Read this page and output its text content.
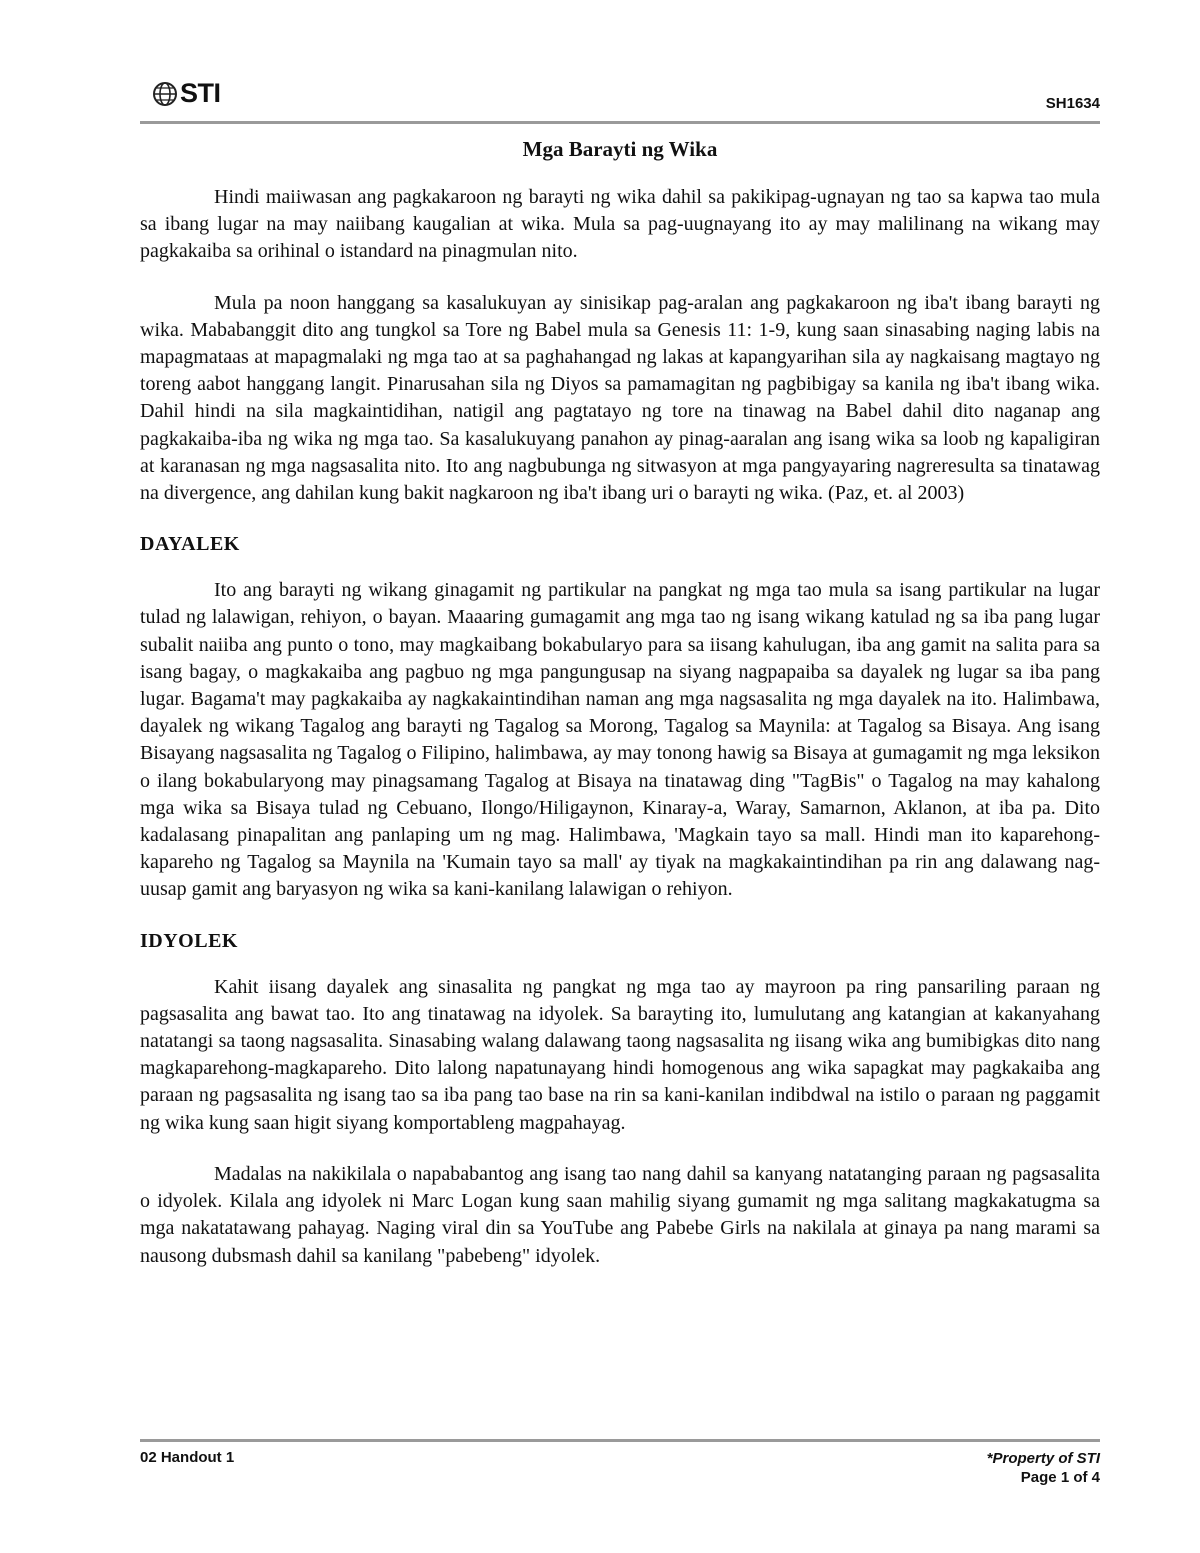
STI	SH1634
Mga Barayti ng Wika

Hindi maiiwasan ang pagkakaroon ng barayti ng wika dahil sa pakikipag-ugnayan ng tao sa kapwa tao mula sa ibang lugar na may naiibang kaugalian at wika. Mula sa pag-uugnayang ito ay may malilinang na wikang may pagkakaiba sa orihinal o istandard na pinagmulan nito.

Mula pa noon hanggang sa kasalukuyan ay sinisikap pag-aralan ang pagkakaroon ng iba't ibang barayti ng wika. Mababanggit dito ang tungkol sa Tore ng Babel mula sa Genesis 11: 1-9, kung saan sinasabing naging labis na mapagmataas at mapagmalaki ng mga tao at sa paghahangad ng lakas at kapangyarihan sila ay nagkaisang magtayo ng toreng aabot hanggang langit. Pinarusahan sila ng Diyos sa pamamagitan ng pagbibigay sa kanila ng iba't ibang wika. Dahil hindi na sila magkaintidihan, natigil ang pagtatayo ng tore na tinawag na Babel dahil dito naganap ang pagkakaiba-iba ng wika ng mga tao. Sa kasalukuyang panahon ay pinag-aaralan ang isang wika sa loob ng kapaligiran at karanasan ng mga nagsasalita nito. Ito ang nagbubunga ng sitwasyon at mga pangyayaring nagreresulta sa tinatawag na divergence, ang dahilan kung bakit nagkaroon ng iba't ibang uri o barayti ng wika. (Paz, et. al 2003)

DAYALEK

Ito ang barayti ng wikang ginagamit ng partikular na pangkat ng mga tao mula sa isang partikular na lugar tulad ng lalawigan, rehiyon, o bayan. Maaaring gumagamit ang mga tao ng isang wikang katulad ng sa iba pang lugar subalit naiiba ang punto o tono, may magkaibang bokabularyo para sa iisang kahulugan, iba ang gamit na salita para sa isang bagay, o magkakaiba ang pagbuo ng mga pangungusap na siyang nagpapaiba sa dayalek ng lugar sa iba pang lugar. Bagama't may pagkakaiba ay nagkakaintindihan naman ang mga nagsasalita ng mga dayalek na ito. Halimbawa, dayalek ng wikang Tagalog ang barayti ng Tagalog sa Morong, Tagalog sa Maynila: at Tagalog sa Bisaya. Ang isang Bisayang nagsasalita ng Tagalog o Filipino, halimbawa, ay may tonong hawig sa Bisaya at gumagamit ng mga leksikon o ilang bokabularyong may pinagsamang Tagalog at Bisaya na tinatawag ding "TagBis" o Tagalog na may kahalong mga wika sa Bisaya tulad ng Cebuano, Ilongo/Hiligaynon, Kinaray-a, Waray, Samarnon, Aklanon, at iba pa. Dito kadalasang pinapalitan ang panlaping um ng mag. Halimbawa, 'Magkain tayo sa mall. Hindi man ito kaparehong-kapareho ng Tagalog sa Maynila na 'Kumain tayo sa mall' ay tiyak na magkakaintindihan pa rin ang dalawang nag-uusap gamit ang baryasyon ng wika sa kani-kanilang lalawigan o rehiyon.

IDYOLEK

Kahit iisang dayalek ang sinasalita ng pangkat ng mga tao ay mayroon pa ring pansariling paraan ng pagsasalita ang bawat tao. Ito ang tinatawag na idyolek. Sa barayting ito, lumulutang ang katangian at kakanyahang natatangi sa taong nagsasalita. Sinasabing walang dalawang taong nagsasalita ng iisang wika ang bumibigkas dito nang magkaparehong-magkapareho. Dito lalong napatunayang hindi homogenous ang wika sapagkat may pagkakaiba ang paraan ng pagsasalita ng isang tao sa iba pang tao base na rin sa kani-kanilan indibdwal na istilo o paraan ng paggamit ng wika kung saan higit siyang komportableng magpahayag.

Madalas na nakikilala o napababantog ang isang tao nang dahil sa kanyang natatanging paraan ng pagsasalita o idyolek. Kilala ang idyolek ni Marc Logan kung saan mahilig siyang gumamit ng mga salitang magkakatugma sa mga nakatatawang pahayag. Naging viral din sa YouTube ang Pabebe Girls na nakilala at ginaya pa nang marami sa nausong dubsmash dahil sa kanilang "pabebeng" idyolek.

02 Handout 1	*Property of STI
Page 1 of 4
